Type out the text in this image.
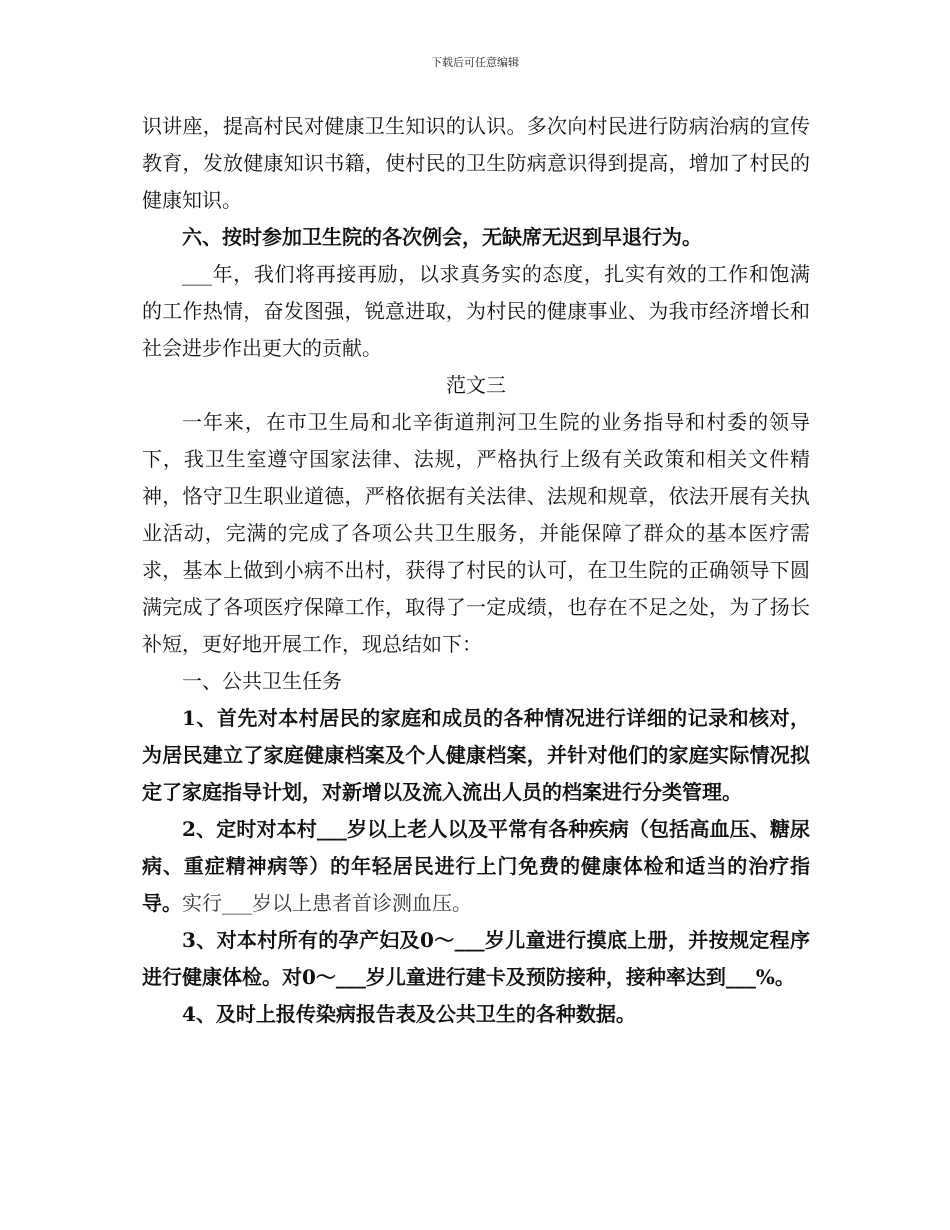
下载后可任意编辑

识讲座，提高村民对健康卫生知识的认识。多次向村民进行防病治病的宣传教育，发放健康知识书籍，使村民的卫生防病意识得到提高，增加了村民的健康知识。

六、按时参加卫生院的各次例会，无缺席无迟到早退行为。

___年，我们将再接再励，以求真务实的态度，扎实有效的工作和饱满的工作热情，奋发图强，锐意进取，为村民的健康事业、为我市经济增长和社会进步作出更大的贡献。

范文三

一年来，在市卫生局和北辛街道荆河卫生院的业务指导和村委的领导下，我卫生室遵守国家法律、法规，严格执行上级有关政策和相关文件精神，恪守卫生职业道德，严格依据有关法律、法规和规章，依法开展有关执业活动，完满的完成了各项公共卫生服务，并能保障了群众的基本医疗需求，基本上做到小病不出村，获得了村民的认可，在卫生院的正确领导下圆满完成了各项医疗保障工作，取得了一定成绩，也存在不足之处，为了扬长补短，更好地开展工作，现总结如下：

一、公共卫生任务

1、首先对本村居民的家庭和成员的各种情况进行详细的记录和核对，为居民建立了家庭健康档案及个人健康档案，并针对他们的家庭实际情况拟定了家庭指导计划，对新增以及流入流出人员的档案进行分类管理。

2、定时对本村___岁以上老人以及平常有各种疾病（包括高血压、糖尿病、重症精神病等）的年轻居民进行上门免费的健康体检和适当的治疗指导。实行___岁以上患者首诊测血压。

3、对本村所有的孕产妇及0～___岁儿童进行摸底上册，并按规定程序进行健康体检。对0～___岁儿童进行建卡及预防接种，接种率达到___%。

4、及时上报传染病报告表及公共卫生的各种数据。
